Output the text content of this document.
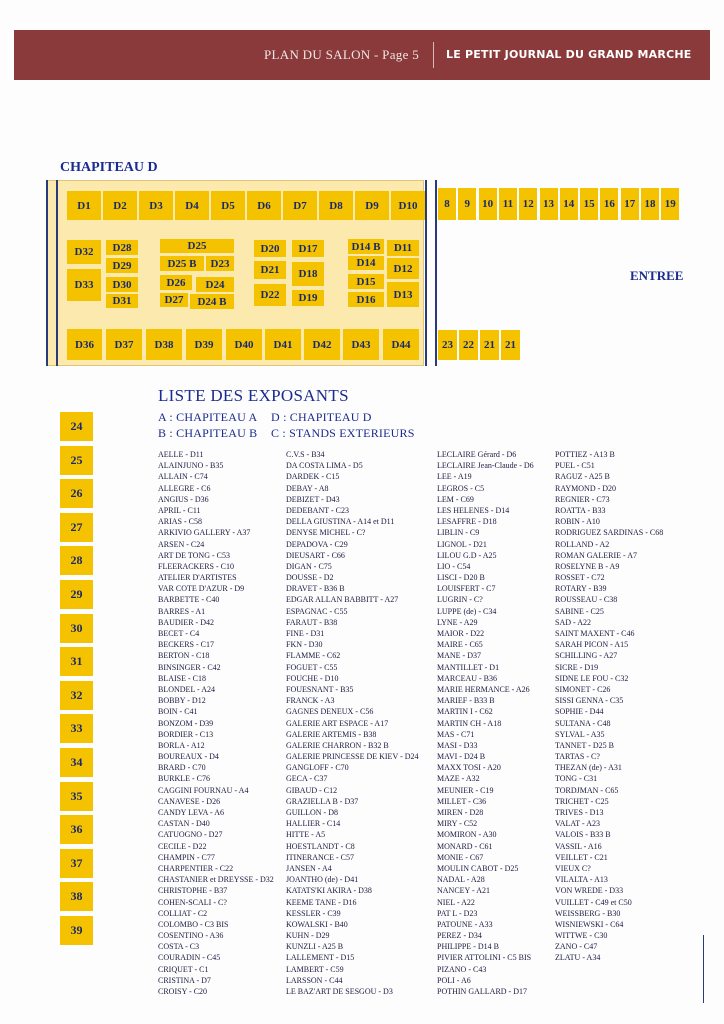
PLAN DU SALON - Page 5	LE PETIT JOURNAL DU GRAND MARCHE
CHAPITEAU D
D1	D2	D3	D4	D5	D6	D7	D8	D9	D10
D32
D33
D28
D29
D30
D31
D25
D25 B	D23
D26	D24
D27	D24 B
D20
D21
D22
D17
D18
D19
D14 B
D14
D15
D16
D11
D12
D13
D36	D37	D38	D39	D40	D41	D42	D43	D44
8	9	10 11 12 13 14 15 16 17 18 19
23 22 21 21
ENTREE
24
25
26
27
28
29
30
31
32
33
34
35
36
37
38
39
LISTE DES EXPOSANTS
A : CHAPITEAU A D : CHAPITEAU D
B : CHAPITEAU B C : STANDS EXTERIEURS
AELLE - D11
ALAINJUNO - B35
ALLAIN - C74
ALLEGRE - C6
ANGIUS - D36
APRIL - C11
ARIAS - C58
ARKIVIO GALLERY - A37
ARSEN - C24
ART DE TONG - C53
FLEERACKERS - C10
ATELIER D'ARTISTES
VAR COTE D'AZUR - D9
BARBETTE - C40
BARRES - A1
BAUDIER - D42
BECET - C4
BECKERS - C17
BERTON - C18
BINSINGER - C42
BLAISE - C18
BLONDEL - A24
BOBBY - D12
BOIN - C41
BONZOM - D39
BORDIER - C13
BORLA - A12
BOUREAUX - D4
BRARD - C70
BURKLE - C76
CAGGINI FOURNAU - A4
CANAVESE - D26
CANDY LEVA - A6
CASTAN - D40
CATUOGNO - D27
CECILE - D22
CHAMPIN - C77
CHARPENTIER - C22
CHASTANIER et DREYSSE - D32
CHRISTOPHE - B37
COHEN-SCALI - C?
COLLIAT - C2
COLOMBO - C3 BIS
COSENTINO - A36
COSTA - C3
COURADIN - C45
CRIQUET - C1
CRISTINA - D7
CROISY - C20
C.V.S - B34
DA COSTA LIMA - D5
DARDEK - C15
DEBAY - A8
DEBIZET - D43
DEDEBANT - C23
DELLA GIUSTINA - A14 et D11
DENYSE MICHEL - C?
DEPADOVA - C29
DIEUSART - C66
DIGAN - C75
DOUSSE - D2
DRAVET - B36 B
EDGAR ALLAN BABBITT - A27
ESPAGNAC - C55
FARAUT - B38
FINE - D31
FKN - D30
FLAMME - C62
FOGUET - C55
FOUCHE - D10
FOUESNANT - B35
FRANCK - A3
GAGNES DENEUX - C56
GALERIE ART ESPACE - A17
GALERIE ARTEMIS - B38
GALERIE CHARRON - B32 B
GALERIE PRINCESSE DE KIEV - D24
GANGLOFF - C70
GECA - C37
GIBAUD - C12
GRAZIELLA B - D37
GUILLON - D8
HALLIER - C14
HITTE - A5
HOESTLANDT - C8
ITINERANCE - C57
JANSEN - A4
JOANTHO (de) - D41
KATATS'KI AKIRA - D38
KEEME TANE - D16
KESSLER - C39
KOWALSKI - B40
KUHN - D29
KUNZLI - A25 B
LALLEMENT - D15
LAMBERT - C59
LARSSON - C44
LE BAZ'ART DE SESGOU - D3
LECLAIRE Gérard - D6
LECLAIRE Jean-Claude - D6
LEE - A19
LEGROS - C5
LEM - C69
LES HELENES - D14
LESAFFRE - D18
LIBLIN - C9
LIGNOL - D21
LILOU G.D - A25
LIO - C54
LISCI - D20 B
LOUISFERT - C7
LUGRIN - C?
LUPPE (de) - C34
LYNE - A29
MAIOR - D22
MAIRE - C65
MANE - D37
MANTILLET - D1
MARCEAU - B36
MARIE HERMANCE - A26
MARIEF - B33 B
MARTIN I - C62
MARTIN CH - A18
MAS - C71
MASI - D33
MAVI - D24 B
MAXX TOSI - A20
MAZE - A32
MEUNIER - C19
MILLET - C36
MIREN - D28
MIRY - C52
MOMIRON - A30
MONARD - C61
MONIE - C67
MOULIN CABOT - D25
NADAL - A28
NANCEY - A21
NIEL - A22
PAT L - D23
PATOUNE - A33
PEREZ - D34
PHILIPPE - D14 B
PIVIER ATTOLINI - C5 BIS
PIZANO - C43
POLI - A6
POTHIN GALLARD - D17
POTTIEZ - A13 B
PUEL - C51
RAGUZ - A25 B
RAYMOND - D20
REGNIER - C73
ROATTA - B33
ROBIN - A10
RODRIGUEZ SARDINAS - C68
ROLLAND - A2
ROMAN GALERIE - A7
ROSELYNE B - A9
ROSSET - C72
ROTARY - B39
ROUSSEAU - C38
SABINE - C25
SAD - A22
SAINT MAXENT - C46
SARAH PICON - A15
SCHILLING - A27
SICRE - D19
SIDNE LE FOU - C32
SIMONET - C26
SISSI GENNA - C35
SOPHIE - D44
SULTANA - C48
SYLVAL - A35
TANNET - D25 B
TARTAS - C?
THEZAN (de) - A31
TONG - C31
TORDJMAN - C65
TRICHET - C25
TRIVES - D13
VALAT - A23
VALOIS - B33 B
VASSIL - A16
VEILLET - C21
VIEUX C?
VILALTA - A13
VON WREDE - D33
VUILLET - C49 et C50
WEISSBERG - B30
WISNIEWSKI - C64
WITTWE - C30
ZANO - C47
ZLATU - A34
